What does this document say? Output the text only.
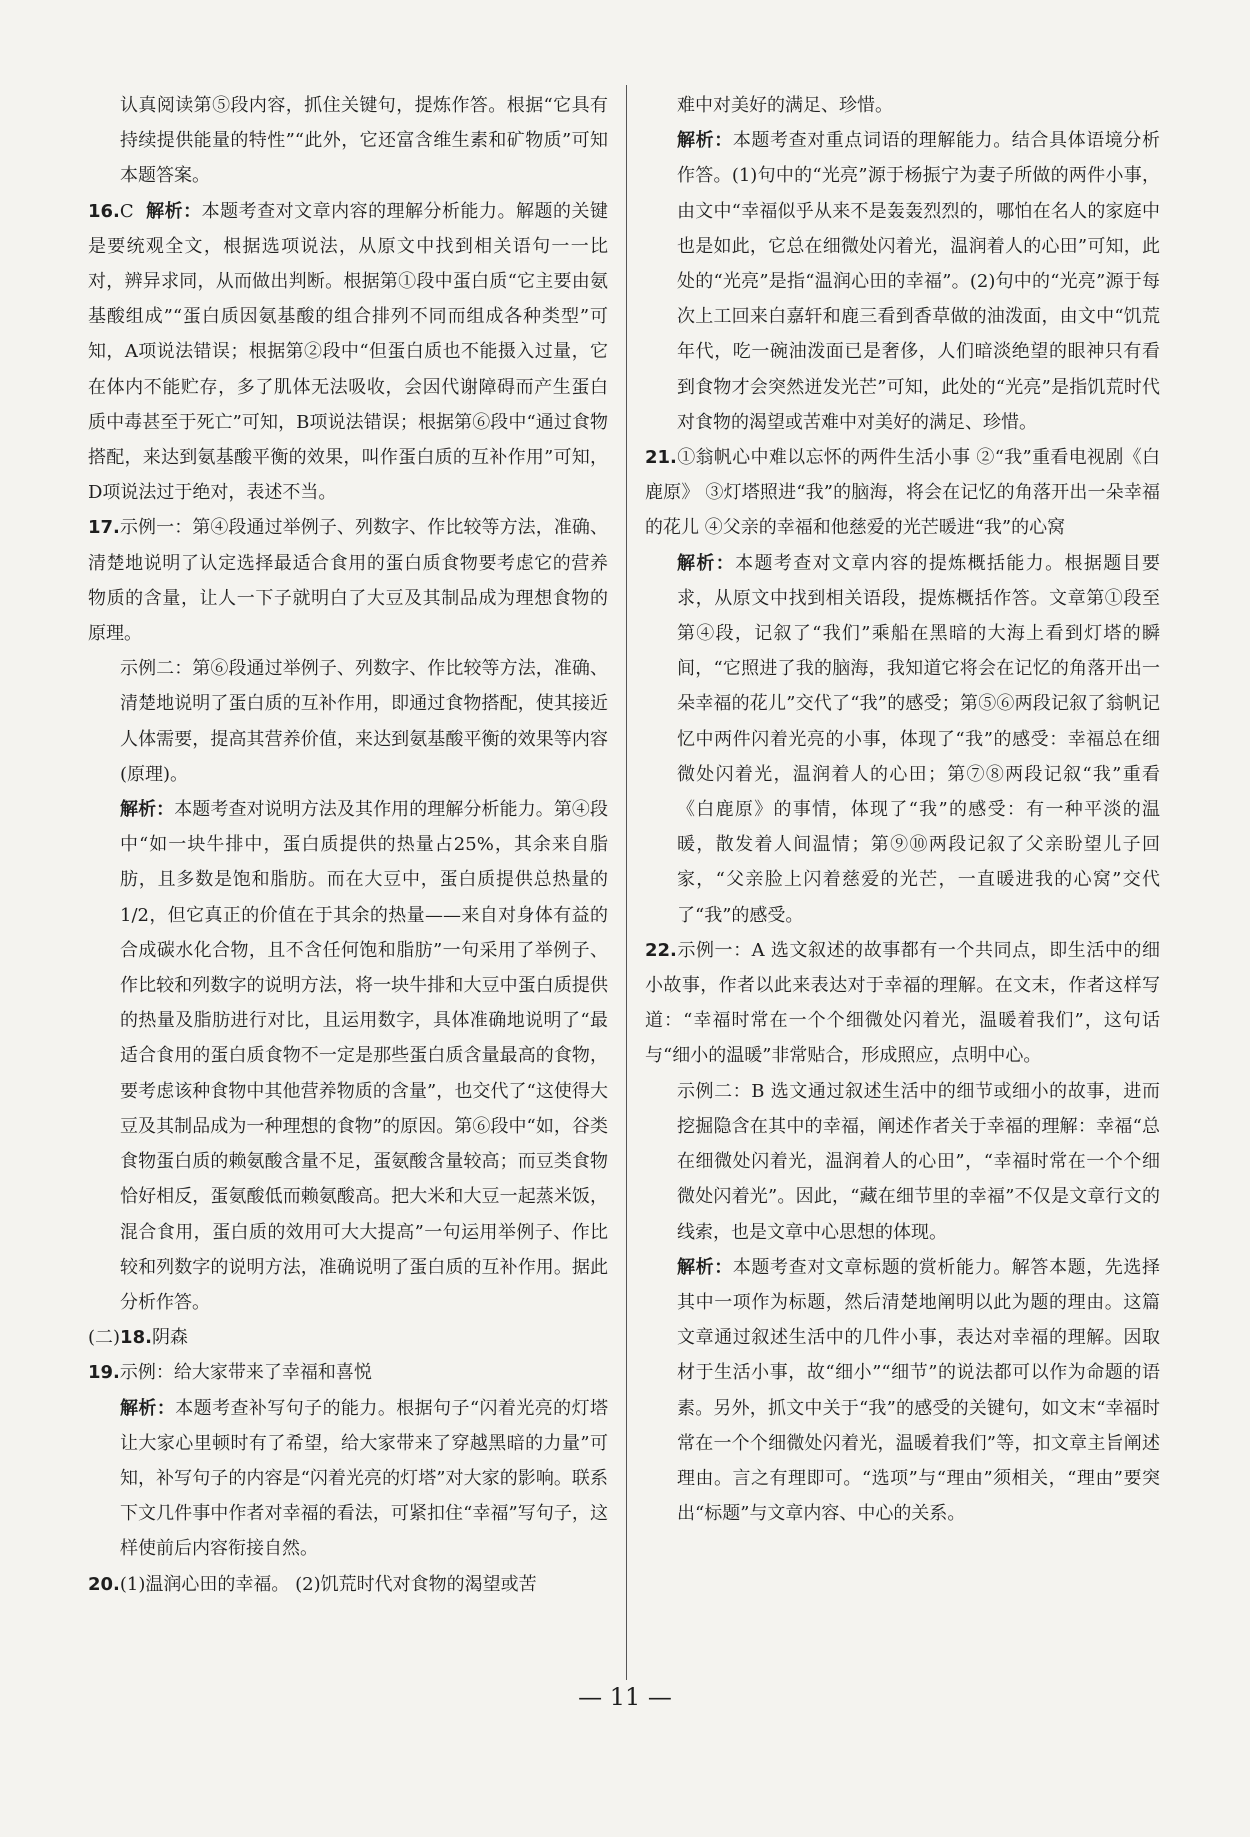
认真阅读第⑤段内容，抓住关键句，提炼作答。根据“它具有持续提供能量的特性”“此外，它还富含维生素和矿物质”可知本题答案。

16.C 解析：本题考查对文章内容的理解分析能力。解题的关键是要统观全文，根据选项说法，从原文中找到相关语句一一比对，辨异求同，从而做出判断。根据第①段中蛋白质“它主要由氨基酸组成”“蛋白质因氨基酸的组合排列不同而组成各种类型”可知，A项说法错误；根据第②段中“但蛋白质也不能摄入过量，它在体内不能贮存，多了肌体无法吸收，会因代谢障碍而产生蛋白质中毒甚至于死亡”可知，B项说法错误；根据第⑥段中“通过食物搭配，来达到氨基酸平衡的效果，叫作蛋白质的互补作用”可知，D项说法过于绝对，表述不当。

17.示例一：第④段通过举例子、列数字、作比较等方法，准确、清楚地说明了认定选择最适合食用的蛋白质食物要考虑它的营养物质的含量，让人一下子就明白了大豆及其制品成为理想食物的原理。

示例二：第⑥段通过举例子、列数字、作比较等方法，准确、清楚地说明了蛋白质的互补作用，即通过食物搭配，使其接近人体需要，提高其营养价值，来达到氨基酸平衡的效果等内容(原理)。

解析：本题考查对说明方法及其作用的理解分析能力。第④段中“如一块牛排中，蛋白质提供的热量占25%，其余来自脂肪，且多数是饱和脂肪。而在大豆中，蛋白质提供总热量的1/2，但它真正的价值在于其余的热量——来自对身体有益的合成碳水化合物，且不含任何饱和脂肪”一句采用了举例子、作比较和列数字的说明方法，将一块牛排和大豆中蛋白质提供的热量及脂肪进行对比，且运用数字，具体准确地说明了“最适合食用的蛋白质食物不一定是那些蛋白质含量最高的食物，要考虑该种食物中其他营养物质的含量”，也交代了“这使得大豆及其制品成为一种理想的食物”的原因。第⑥段中“如，谷类食物蛋白质的赖氨酸含量不足，蛋氨酸含量较高；而豆类食物恰好相反，蛋氨酸低而赖氨酸高。把大米和大豆一起蒸米饭，混合食用，蛋白质的效用可大大提高”一句运用举例子、作比较和列数字的说明方法，准确说明了蛋白质的互补作用。据此分析作答。

(二)18.阴森

19.示例：给大家带来了幸福和喜悦

解析：本题考查补写句子的能力。根据句子“闪着光亮的灯塔让大家心里顿时有了希望，给大家带来了穿越黑暗的力量”可知，补写句子的内容是“闪着光亮的灯塔”对大家的影响。联系下文几件事中作者对幸福的看法，可紧扣住“幸福”写句子，这样使前后内容衔接自然。

20.(1)温润心田的幸福。 (2)饥荒时代对食物的渴望或苦

难中对美好的满足、珍惜。

解析：本题考查对重点词语的理解能力。结合具体语境分析作答。(1)句中的“光亮”源于杨振宁为妻子所做的两件小事，由文中“幸福似乎从来不是轰轰烈烈的，哪怕在名人的家庭中也是如此，它总在细微处闪着光，温润着人的心田”可知，此处的“光亮”是指“温润心田的幸福”。(2)句中的“光亮”源于每次上工回来白嘉轩和鹿三看到香草做的油泼面，由文中“饥荒年代，吃一碗油泼面已是奢侈，人们暗淡绝望的眼神只有看到食物才会突然迸发光芒”可知，此处的“光亮”是指饥荒时代对食物的渴望或苦难中对美好的满足、珍惜。

21.①翁帆心中难以忘怀的两件生活小事 ②“我”重看电视剧《白鹿原》 ③灯塔照进“我”的脑海，将会在记忆的角落开出一朵幸福的花儿 ④父亲的幸福和他慈爱的光芒暖进“我”的心窝

解析：本题考查对文章内容的提炼概括能力。根据题目要求，从原文中找到相关语段，提炼概括作答。文章第①段至第④段，记叙了“我们”乘船在黑暗的大海上看到灯塔的瞬间，“它照进了我的脑海，我知道它将会在记忆的角落开出一朵幸福的花儿”交代了“我”的感受；第⑤⑥两段记叙了翁帆记忆中两件闪着光亮的小事，体现了“我”的感受：幸福总在细微处闪着光，温润着人的心田；第⑦⑧两段记叙“我”重看《白鹿原》的事情，体现了“我”的感受：有一种平淡的温暖，散发着人间温情；第⑨⑩两段记叙了父亲盼望儿子回家，“父亲脸上闪着慈爱的光芒，一直暖进我的心窝”交代了“我”的感受。

22.示例一：A 选文叙述的故事都有一个共同点，即生活中的细小故事，作者以此来表达对于幸福的理解。在文末，作者这样写道：“幸福时常在一个个细微处闪着光，温暖着我们”，这句话与“细小的温暖”非常贴合，形成照应，点明中心。

示例二：B 选文通过叙述生活中的细节或细小的故事，进而挖掘隐含在其中的幸福，阐述作者关于幸福的理解：幸福“总在细微处闪着光，温润着人的心田”，“幸福时常在一个个细微处闪着光”。因此，“藏在细节里的幸福”不仅是文章行文的线索，也是文章中心思想的体现。

解析：本题考查对文章标题的赏析能力。解答本题，先选择其中一项作为标题，然后清楚地阐明以此为题的理由。这篇文章通过叙述生活中的几件小事，表达对幸福的理解。因取材于生活小事，故“细小”“细节”的说法都可以作为命题的语素。另外，抓文中关于“我”的感受的关键句，如文末“幸福时常在一个个细微处闪着光，温暖着我们”等，扣文章主旨阐述理由。言之有理即可。“选项”与“理由”须相关，“理由”要突出“标题”与文章内容、中心的关系。

— 11 —
